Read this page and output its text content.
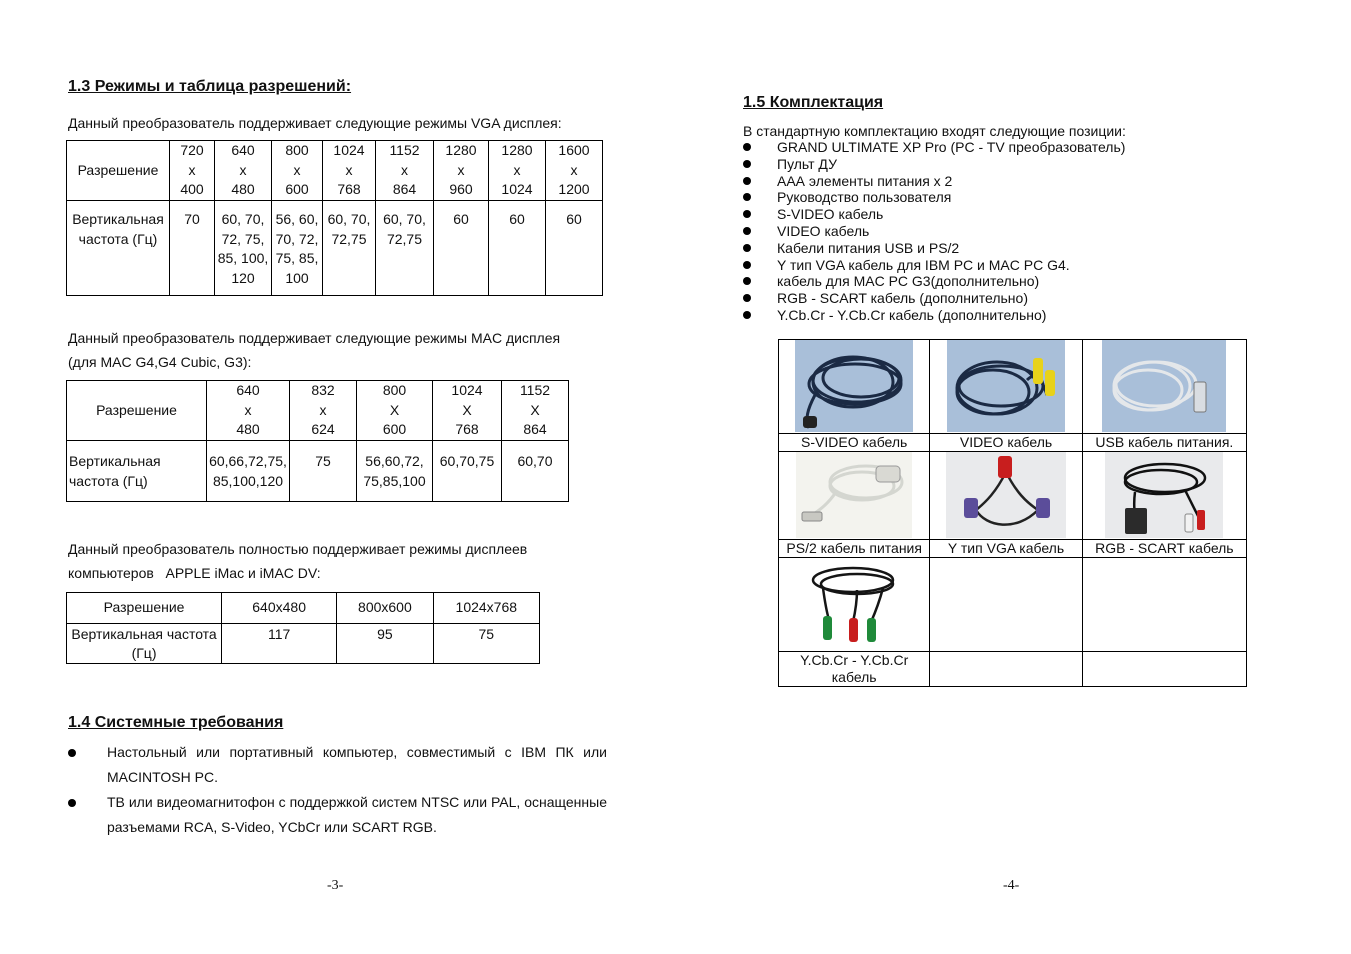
1.3 Режимы и таблица разрешений:

Данный преобразователь поддерживает следующие режимы VGA дисплея:

Разрешение	720
x
400	640
x
480	800
x
600	1024
x
768	1152
x
864	1280
x
960	1280
x
1024	1600
x
1200
Вертикальная
частота (Гц)	70	60, 70,
72, 75,
85, 100,
120	56, 60,
70, 72,
75, 85,
100	60, 70,
72,75	60, 70,
72,75	60	60	60

Данный преобразователь поддерживает следующие режимы MAC дисплея

(для MAC G4,G4 Cubic, G3):

Разрешение	640
x
480	832
x
624	800
X
600	1024
X
768	1152
X
864
Вертикальная
частота (Гц)	60,66,72,75,
85,100,120	75	56,60,72,
75,85,100	60,70,75	60,70

Данный преобразователь полностью поддерживает режимы дисплеев

компьютеров   APPLE iMac и iMAC DV:

Разрешение	640x480	800x600	1024x768
Вертикальная частота
(Гц)	117	95	75
1.4 Системные требования
Настольный или портативный компьютер, совместимый с IBM ПК или MACINTOSH PC.
ТВ или видеомагнитофон с поддержкой систем NTSC или PAL, оснащенные разъемами RCA, S-Video, YCbCr или SCART RGB.
-3-
1.5 Комплектация

В стандартную комплектацию входят следующие позиции:

GRAND ULTIMATE XP Pro (PC - TV преобразователь)
Пульт ДУ
ААА элементы питания х 2
Руководство пользователя
S-VIDEO кабель
VIDEO кабель
Кабели питания USB и PS/2
Y тип VGA кабель для IBM PC и MAC PC G4.
кабель для MAC PC G3(дополнительно)
RGB - SCART кабель (дополнительно)
Y.Cb.Cr - Y.Cb.Cr кабель (дополнительно)

S-VIDEO кабель	VIDEO кабель	USB кабель питания.

PS/2 кабель питания	Y тип VGA кабель	RGB - SCART кабель

Y.Cb.Cr - Y.Cb.Cr кабель		
-4-
